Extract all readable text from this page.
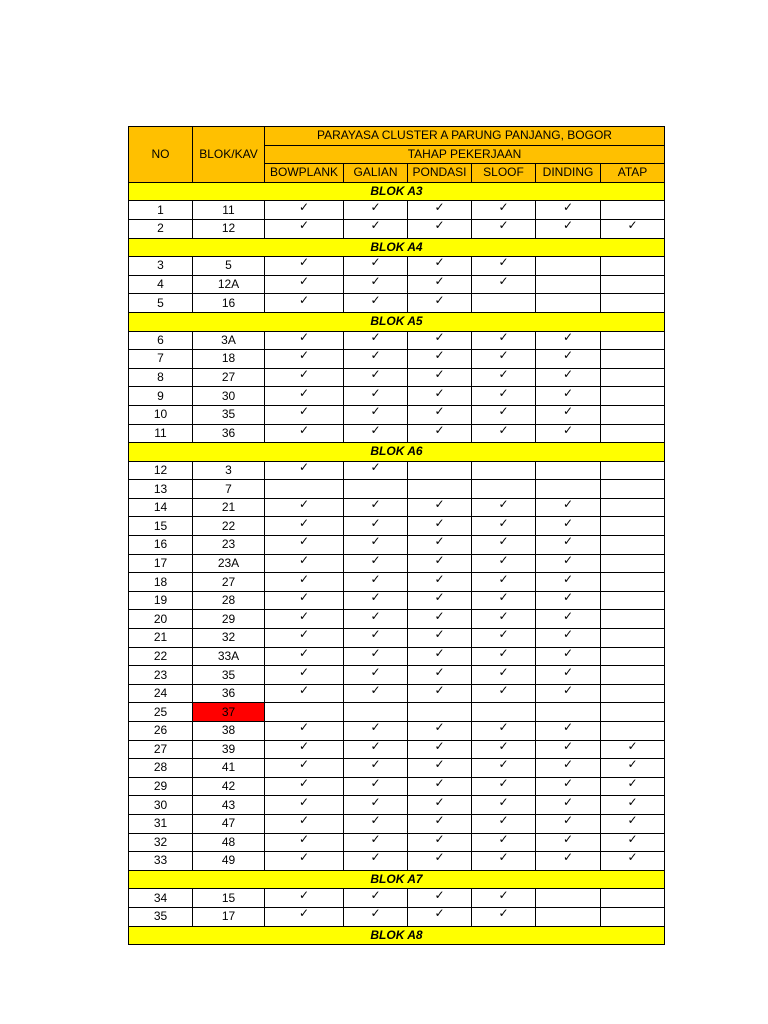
NO	BLOK/KAV	PARAYASA CLUSTER A PARUNG PANJANG, BOGOR					
		TAHAP PEKERJAAN					
		BOWPLANK	GALIAN	PONDASI	SLOOF	DINDING	ATAP
BLOK A3							
1	11	✓	✓	✓	✓	✓	
2	12	✓	✓	✓	✓	✓	✓
BLOK A4							
3	5	✓	✓	✓	✓		
4	12A	✓	✓	✓	✓		
5	16	✓	✓	✓			
BLOK A5							
6	3A	✓	✓	✓	✓	✓	
7	18	✓	✓	✓	✓	✓	
8	27	✓	✓	✓	✓	✓	
9	30	✓	✓	✓	✓	✓	
10	35	✓	✓	✓	✓	✓	
11	36	✓	✓	✓	✓	✓	
BLOK A6							
12	3	✓	✓				
13	7						
14	21	✓	✓	✓	✓	✓	
15	22	✓	✓	✓	✓	✓	
16	23	✓	✓	✓	✓	✓	
17	23A	✓	✓	✓	✓	✓	
18	27	✓	✓	✓	✓	✓	
19	28	✓	✓	✓	✓	✓	
20	29	✓	✓	✓	✓	✓	
21	32	✓	✓	✓	✓	✓	
22	33A	✓	✓	✓	✓	✓	
23	35	✓	✓	✓	✓	✓	
24	36	✓	✓	✓	✓	✓	
25	37						
26	38	✓	✓	✓	✓	✓	
27	39	✓	✓	✓	✓	✓	✓
28	41	✓	✓	✓	✓	✓	✓
29	42	✓	✓	✓	✓	✓	✓
30	43	✓	✓	✓	✓	✓	✓
31	47	✓	✓	✓	✓	✓	✓
32	48	✓	✓	✓	✓	✓	✓
33	49	✓	✓	✓	✓	✓	✓
BLOK A7							
34	15	✓	✓	✓	✓		
35	17	✓	✓	✓	✓		
BLOK A8							
